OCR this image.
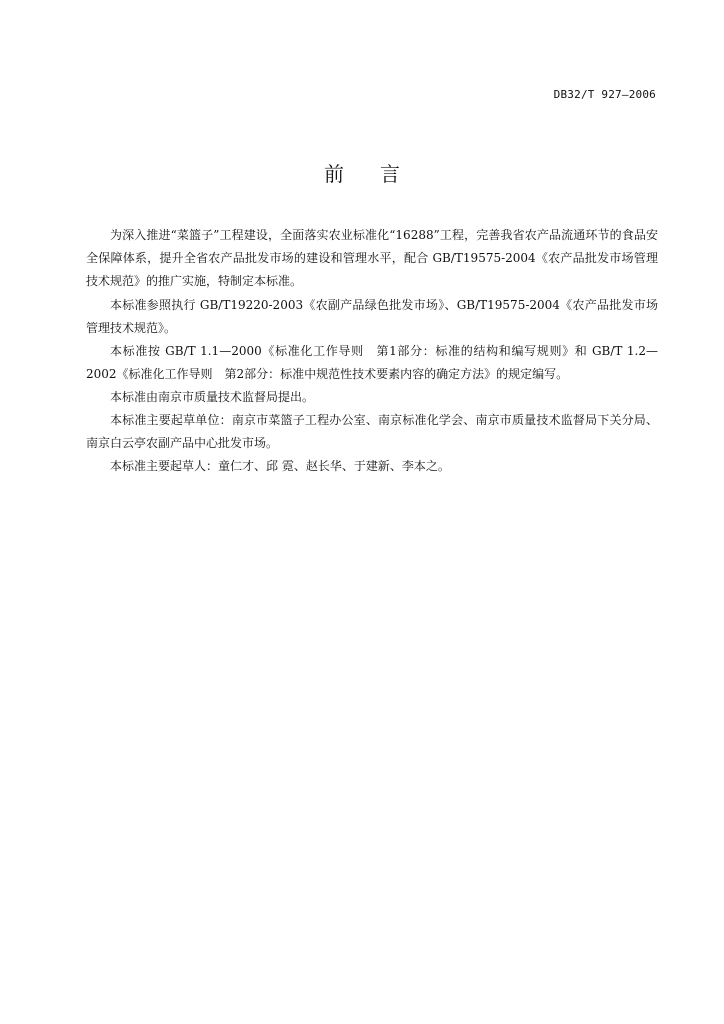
DB32/T 927—2006
前言

为深入推进“菜篮子”工程建设，全面落实农业标准化“16288”工程，完善我省农产品流通环节的食品安全保障体系，提升全省农产品批发市场的建设和管理水平，配合 GB/T19575-2004《农产品批发市场管理技术规范》的推广实施，特制定本标准。

本标准参照执行 GB/T19220-2003《农副产品绿色批发市场》、GB/T19575-2004《农产品批发市场管理技术规范》。

本标准按 GB/T 1.1—2000《标准化工作导则　第1部分：标准的结构和编写规则》和 GB/T 1.2—2002《标准化工作导则　第2部分：标准中规范性技术要素内容的确定方法》的规定编写。

本标准由南京市质量技术监督局提出。

本标准主要起草单位：南京市菜篮子工程办公室、南京标准化学会、南京市质量技术监督局下关分局、南京白云亭农副产品中心批发市场。

本标准主要起草人：童仁才、邱 霓、赵长华、于建新、李本之。
